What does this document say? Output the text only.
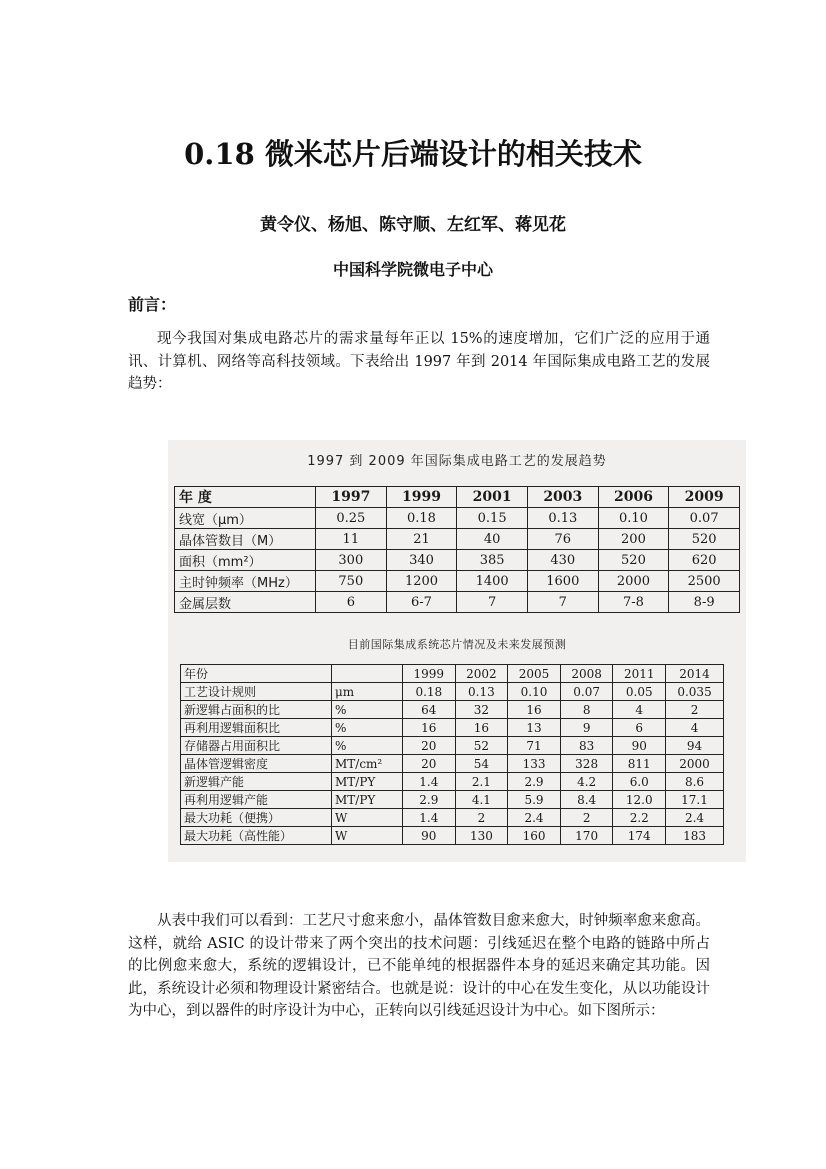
0.18 微米芯片后端设计的相关技术
黄令仪、杨旭、陈守顺、左红军、蒋见花
中国科学院微电子中心
前言：

现今我国对集成电路芯片的需求量每年正以 15%的速度增加，它们广泛的应用于通讯、计算机、网络等高科技领域。下表给出 1997 年到 2014 年国际集成电路工艺的发展趋势：

1997 到 2009 年国际集成电路工艺的发展趋势
年 度	1997	1999	2001	2003	2006	2009
线宽（μm）	0.25	0.18	0.15	0.13	0.10	0.07
晶体管数目（M）	11	21	40	76	200	520
面积（mm²）	300	340	385	430	520	620
主时钟频率（MHz）	750	1200	1400	1600	2000	2500
金属层数	6	6-7	7	7	7-8	8-9
目前国际集成系统芯片情况及未来发展预测
年份		1999	2002	2005	2008	2011	2014
工艺设计规则	μm	0.18	0.13	0.10	0.07	0.05	0.035
新逻辑占面积的比	%	64	32	16	8	4	2
再利用逻辑面积比	%	16	16	13	9	6	4
存储器占用面积比	%	20	52	71	83	90	94
晶体管逻辑密度	MT/cm²	20	54	133	328	811	2000
新逻辑产能	MT/PY	1.4	2.1	2.9	4.2	6.0	8.6
再利用逻辑产能	MT/PY	2.9	4.1	5.9	8.4	12.0	17.1
最大功耗（便携）	W	1.4	2	2.4	2	2.2	2.4
最大功耗（高性能）	W	90	130	160	170	174	183

从表中我们可以看到：工艺尺寸愈来愈小，晶体管数目愈来愈大，时钟频率愈来愈高。这样，就给 ASIC 的设计带来了两个突出的技术问题：引线延迟在整个电路的链路中所占的比例愈来愈大，系统的逻辑设计，已不能单纯的根据器件本身的延迟来确定其功能。因此，系统设计必须和物理设计紧密结合。也就是说：设计的中心在发生变化，从以功能设计为中心，到以器件的时序设计为中心，正转向以引线延迟设计为中心。如下图所示：
